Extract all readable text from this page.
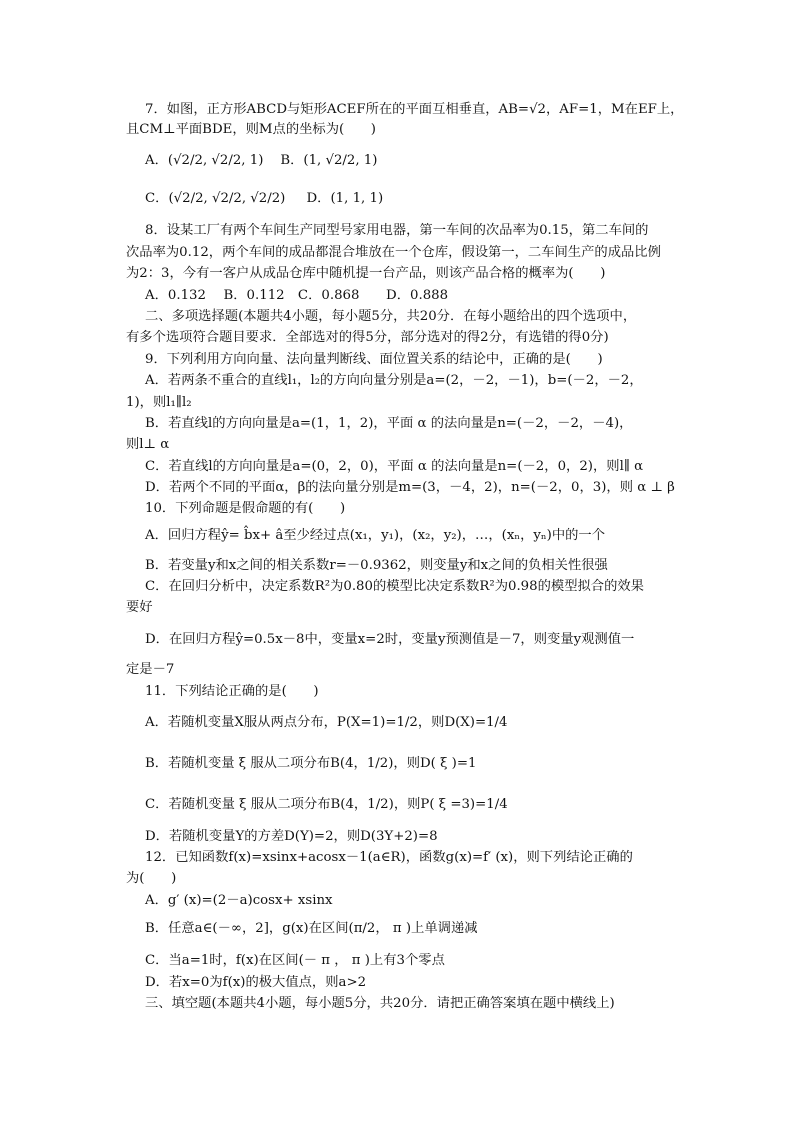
7．如图，正方形ABCD与矩形ACEF所在的平面互相垂直，AB=√2，AF=1，M在EF上，
且CM⊥平面BDE，则M点的坐标为(　　)
A．(√2/2, √2/2, 1) B．(1, √2/2, 1)
C．(√2/2, √2/2, √2/2) D．(1, 1, 1)
8．设某工厂有两个车间生产同型号家用电器，第一车间的次品率为0.15，第二车间的
次品率为0.12，两个车间的成品都混合堆放在一个仓库，假设第一，二车间生产的成品比例
为2：3，今有一客户从成品仓库中随机提一台产品，则该产品合格的概率为(　　)
A．0.132　 B．0.112　C．0.868　　D．0.888
二、多项选择题(本题共4小题，每小题5分，共20分．在每小题给出的四个选项中，
有多个选项符合题目要求．全部选对的得5分，部分选对的得2分，有选错的得0分)
9．下列利用方向向量、法向量判断线、面位置关系的结论中，正确的是(　　)
A．若两条不重合的直线l₁，l₂的方向向量分别是a=(2，－2，－1)，b=(－2，－2，
1)，则l₁∥l₂
B．若直线l的方向向量是a=(1，1，2)，平面 α 的法向量是n=(－2，－2，－4)，
则l⊥ α
C．若直线l的方向向量是a=(0，2，0)，平面 α 的法向量是n=(－2，0，2)，则l∥ α
D．若两个不同的平面α，β的法向量分别是m=(3，－4，2)，n=(－2，0，3)，则 α ⊥ β
10．下列命题是假命题的有(　　)
A．回归方程ŷ= b̂x+ â至少经过点(x₁，y₁)，(x₂，y₂)，…，(xₙ，yₙ)中的一个
B．若变量y和x之间的相关系数r=－0.9362，则变量y和x之间的负相关性很强
C．在回归分析中，决定系数R²为0.80的模型比决定系数R²为0.98的模型拟合的效果
要好
D．在回归方程ŷ=0.5x－8中，变量x=2时，变量y预测值是－7，则变量y观测值一
定是－7
11．下列结论正确的是(　　)
A．若随机变量X服从两点分布，P(X=1)=1/2，则D(X)=1/4
B．若随机变量 ξ 服从二项分布B(4，1/2)，则D( ξ )=1
C．若随机变量 ξ 服从二项分布B(4，1/2)，则P( ξ =3)=1/4
D．若随机变量Y的方差D(Y)=2，则D(3Y+2)=8
12．已知函数f(x)=xsinx+acosx－1(a∈R)，函数g(x)=f′ (x)，则下列结论正确的
为(　　)
A．g′ (x)=(2－a)cosx+ xsinx
B．任意a∈(－∞，2]，g(x)在区间(π/2， π )上单调递减
C．当a=1时，f(x)在区间(－ π ， π )上有3个零点
D．若x=0为f(x)的极大值点，则a>2
三、填空题(本题共4小题，每小题5分，共20分．请把正确答案填在题中横线上)
